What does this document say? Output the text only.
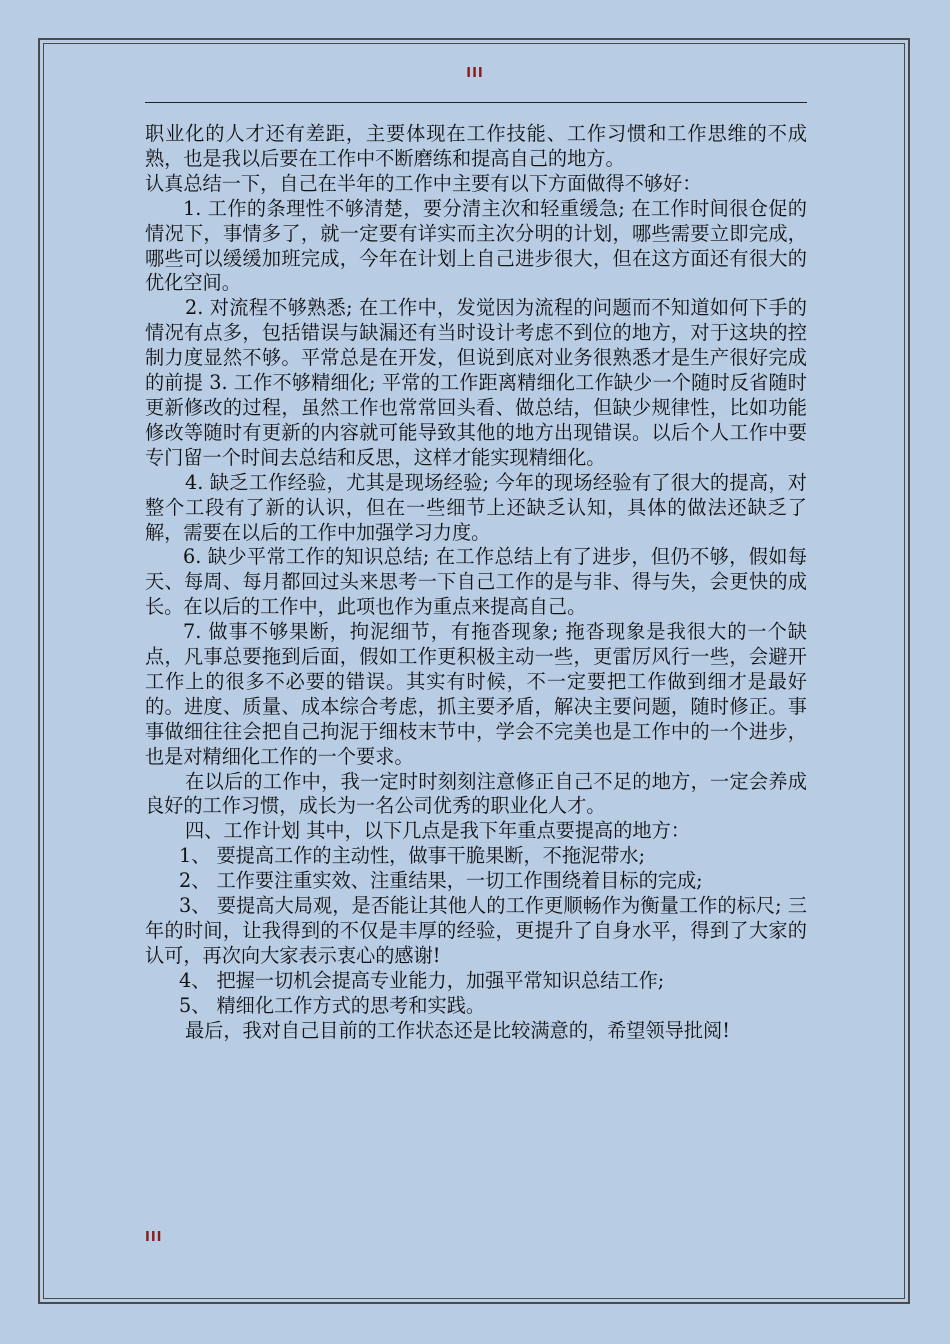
III

职业化的人才还有差距，主要体现在工作技能、工作习惯和工作思维的不成熟，也是我以后要在工作中不断磨练和提高自己的地方。

认真总结一下，自己在半年的工作中主要有以下方面做得不够好：

1. 工作的条理性不够清楚，要分清主次和轻重缓急; 在工作时间很仓促的情况下，事情多了，就一定要有详实而主次分明的计划，哪些需要立即完成，哪些可以缓缓加班完成，今年在计划上自己进步很大，但在这方面还有很大的优化空间。

2. 对流程不够熟悉; 在工作中，发觉因为流程的问题而不知道如何下手的情况有点多，包括错误与缺漏还有当时设计考虑不到位的地方，对于这块的控制力度显然不够。平常总是在开发，但说到底对业务很熟悉才是生产很好完成的前提 3. 工作不够精细化; 平常的工作距离精细化工作缺少一个随时反省随时更新修改的过程，虽然工作也常常回头看、做总结，但缺少规律性，比如功能修改等随时有更新的内容就可能导致其他的地方出现错误。以后个人工作中要专门留一个时间去总结和反思，这样才能实现精细化。

4. 缺乏工作经验，尤其是现场经验; 今年的现场经验有了很大的提高，对整个工段有了新的认识，但在一些细节上还缺乏认知，具体的做法还缺乏了解，需要在以后的工作中加强学习力度。

6. 缺少平常工作的知识总结; 在工作总结上有了进步，但仍不够，假如每天、每周、每月都回过头来思考一下自己工作的是与非、得与失，会更快的成长。在以后的工作中，此项也作为重点来提高自己。

7. 做事不够果断，拘泥细节，有拖沓现象; 拖沓现象是我很大的一个缺点，凡事总要拖到后面，假如工作更积极主动一些，更雷厉风行一些，会避开工作上的很多不必要的错误。其实有时候，不一定要把工作做到细才是最好的。进度、质量、成本综合考虑，抓主要矛盾，解决主要问题，随时修正。事事做细往往会把自己拘泥于细枝末节中，学会不完美也是工作中的一个进步，也是对精细化工作的一个要求。

在以后的工作中，我一定时时刻刻注意修正自己不足的地方，一定会养成良好的工作习惯，成长为一名公司优秀的职业化人才。

四、工作计划 其中，以下几点是我下年重点要提高的地方：

1、 要提高工作的主动性，做事干脆果断，不拖泥带水;

2、 工作要注重实效、注重结果，一切工作围绕着目标的完成;

3、 要提高大局观，是否能让其他人的工作更顺畅作为衡量工作的标尺; 三年的时间，让我得到的不仅是丰厚的经验，更提升了自身水平，得到了大家的认可，再次向大家表示衷心的感谢!

4、 把握一切机会提高专业能力，加强平常知识总结工作;

5、 精细化工作方式的思考和实践。

最后，我对自己目前的工作状态还是比较满意的，希望领导批阅!

III
